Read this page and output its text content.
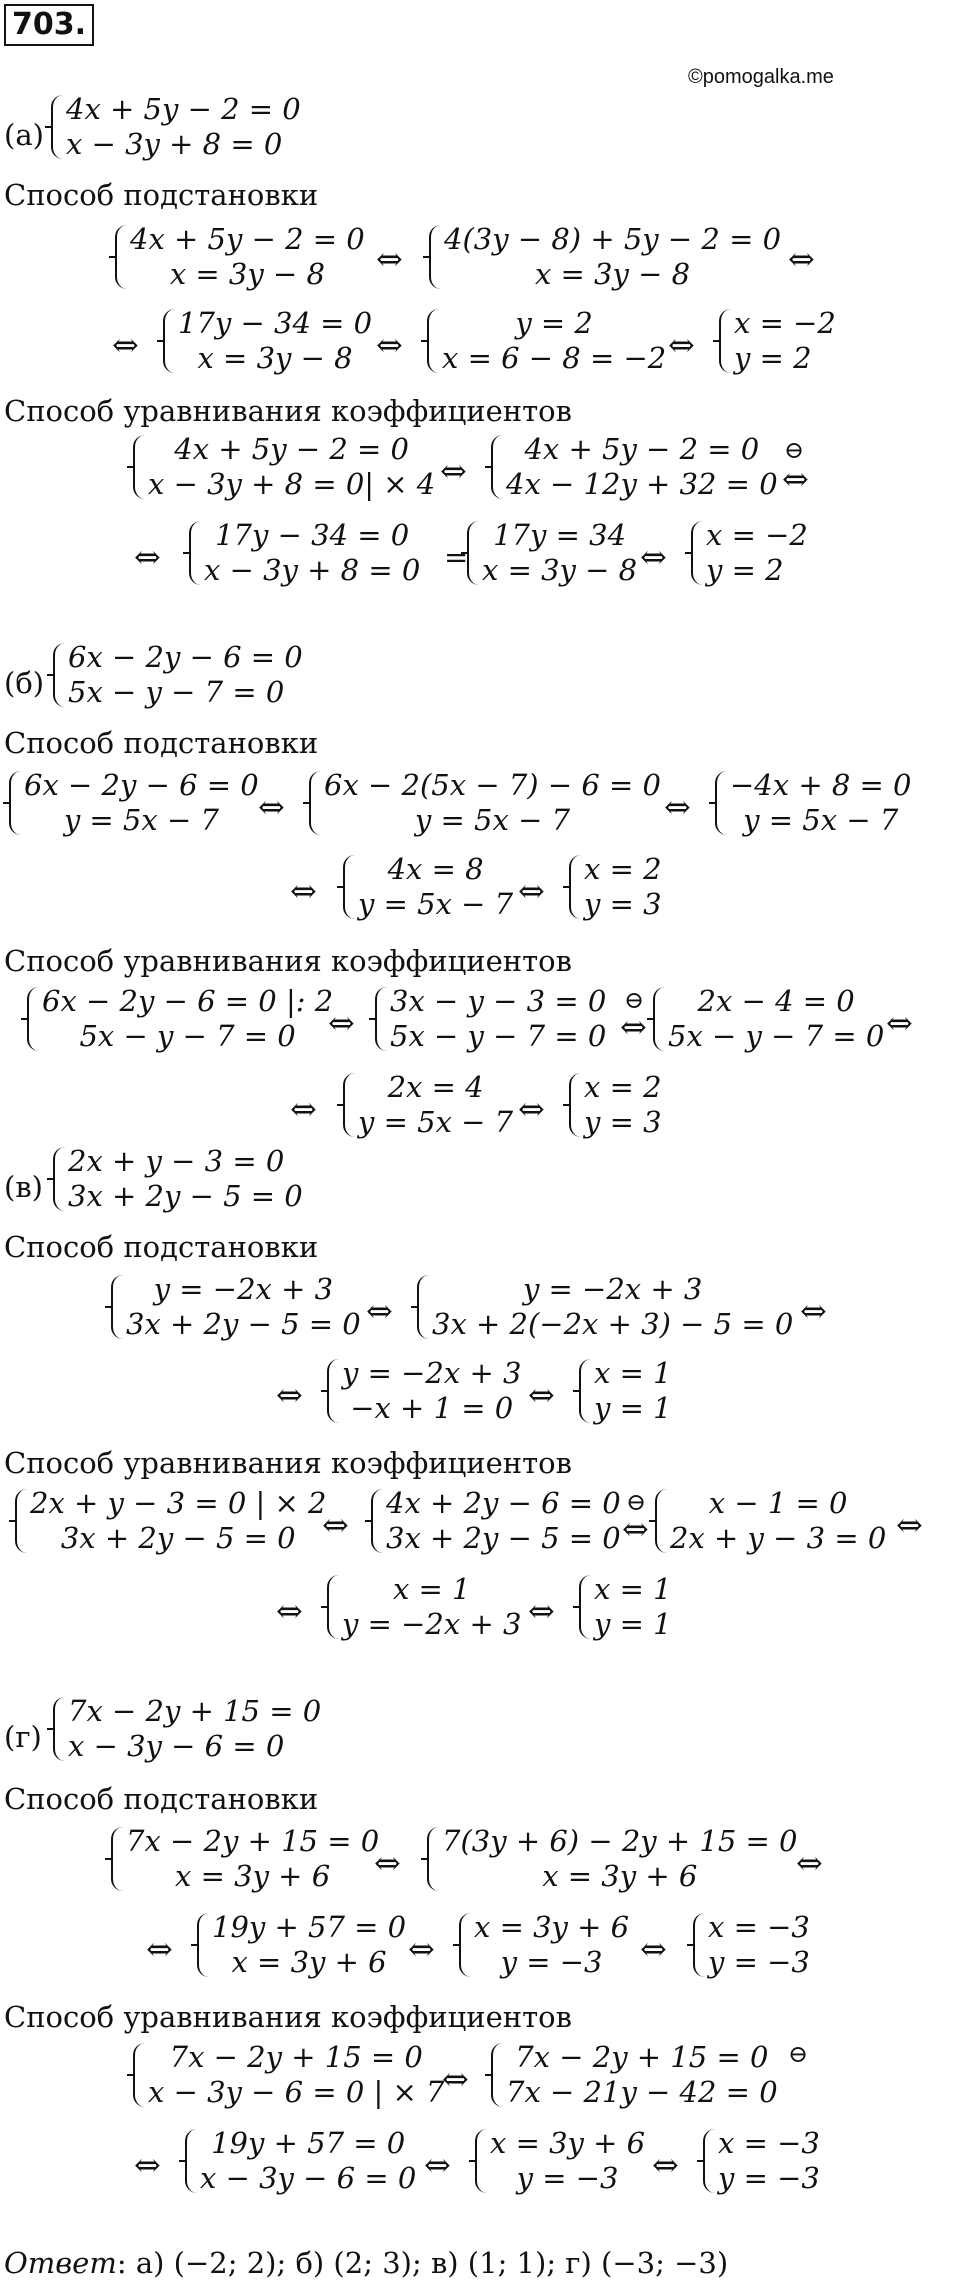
703.
©pomogalka.me
(а)
4x + 5y − 2 = 0
x − 3y + 8 = 0
Способ подстановки
4x + 5y − 2 = 0
x = 3y − 8	⇔
4(3y − 8) + 5y − 2 = 0
x = 3y − 8	⇔
⇔
17y − 34 = 0
x = 3y − 8 ⇔
y = 2
x = 6 − 8 = −2 ⇔
x = −2
y = 2
Способ уравнивания коэффициентов
4x + 5y − 2 = 0
x − 3y + 8 = 0| × 4 ⇔
4x + 5y − 2 = 0
4x − 12y + 32 = 0
⊖
⇔
⇔
17y − 34 = 0
x − 3y + 8 = 0 =
17y = 34
x = 3y − 8 ⇔
x = −2
y = 2
(б)
6x − 2y − 6 = 0
5x − y − 7 = 0
Способ подстановки
6x − 2y − 6 = 0
y = 5x − 7	⇔
6x − 2(5x − 7) − 6 = 0
y = 5x − 7	⇔
−4x + 8 = 0
y = 5x − 7
⇔
4x = 8
y = 5x − 7 ⇔
x = 2
y = 3
Способ уравнивания коэффициентов
6x − 2y − 6 = 0 |: 2
5x − y − 7 = 0	⇔
3x − y − 3 = 0
5x − y − 7 = 0
⊖
⇔
2x − 4 = 0
5x − y − 7 = 0 ⇔
⇔
2x = 4
y = 5x − 7 ⇔
x = 2
y = 3
(в)
2x + y − 3 = 0
3x + 2y − 5 = 0
Способ подстановки
y = −2x + 3
3x + 2y − 5 = 0 ⇔
y = −2x + 3
3x + 2(−2x + 3) − 5 = 0 ⇔
⇔
y = −2x + 3
−x + 1 = 0 ⇔
x = 1
y = 1
Способ уравнивания коэффициентов
2x + y − 3 = 0 | × 2
3x + 2y − 5 = 0 ⇔
4x + 2y − 6 = 0
3x + 2y − 5 = 0
⊖
⇔
x − 1 = 0
2x + y − 3 = 0 ⇔
⇔
x = 1
y = −2x + 3 ⇔
x = 1
y = 1
(г)
7x − 2y + 15 = 0
x − 3y − 6 = 0
Способ подстановки
7x − 2y + 15 = 0
x = 3y + 6	⇔
7(3y + 6) − 2y + 15 = 0
x = 3y + 6	⇔
⇔
19y + 57 = 0
x = 3y + 6 ⇔
x = 3y + 6
y = −3	⇔
x = −3
y = −3
Способ уравнивания коэффициентов
7x − 2y + 15 = 0
x − 3y − 6 = 0 | × 7
⇔
7x − 2y + 15 = 0
7x − 21y − 42 = 0
⊖
⇔
19y + 57 = 0
x − 3y − 6 = 0 ⇔
x = 3y + 6
y = −3	⇔
x = −3
y = −3
Ответ: а) (−2; 2); б) (2; 3); в) (1; 1); г) (−3; −3)
